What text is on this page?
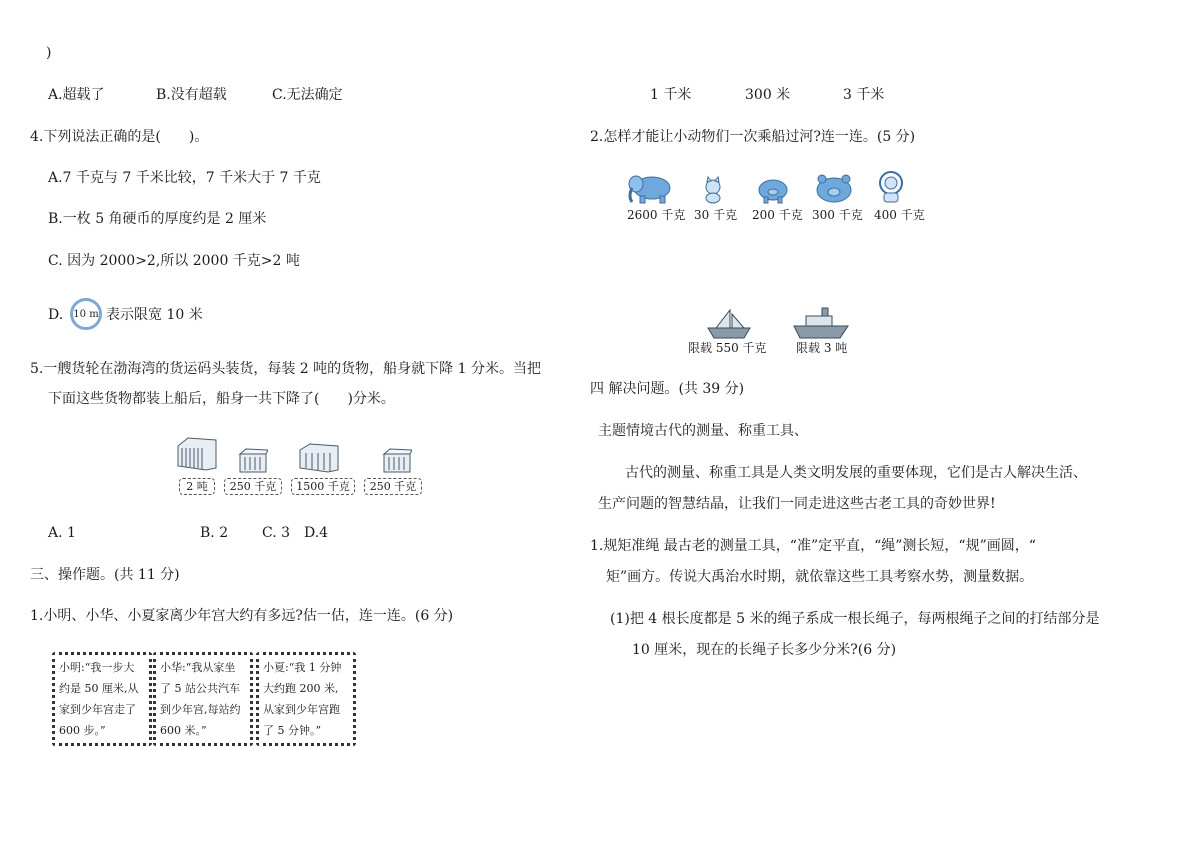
)
A.超载了	B.没有超载	C.无法确定
4.下列说法正确的是(　　)。
A.7 千克与 7 千米比较，7 千米大于 7 千克
B.一枚 5 角硬币的厚度约是 2 厘米
C. 因为 2000>2,所以 2000 千克>2 吨
D. 10 m 表示限宽 10 米
5.一艘货轮在渤海湾的货运码头装货，每装 2 吨的货物，船身就下降 1 分米。当把
下面这些货物都装上船后，船身一共下降了(　　)分米。
2 吨	250 千克	1500 千克	250 千克
A. 1	B. 2 C. 3 D.4
三、操作题。(共 11 分)
1.小明、小华、小夏家离少年宫大约有多远?估一估，连一连。(6 分)
小明:“我一步大约是 50 厘米,从家到少年宫走了 600 步。”
小华:“我从家坐了 5 站公共汽车到少年宫,每站约 600 米。”
小夏:“我 1 分钟大约跑 200 米,从家到少年宫跑了 5 分钟。”
1 千米	300 米	3 千米
2.怎样才能让小动物们一次乘船过河?连一连。(5 分)
2600 千克 30 千克 200 千克 300 千克 400 千克
限载 550 千克 限载 3 吨
四 解决问题。(共 39 分)
主题情境古代的测量、称重工具、
古代的测量、称重工具是人类文明发展的重要体现，它们是古人解决生活、
生产问题的智慧结晶，让我们一同走进这些古老工具的奇妙世界!
1.规矩准绳 最古老的测量工具，“准”定平直，“绳”测长短，“规”画圆，“
矩”画方。传说大禹治水时期，就依靠这些工具考察水势，测量数据。
(1)把 4 根长度都是 5 米的绳子系成一根长绳子，每两根绳子之间的打结部分是
10 厘米，现在的长绳子长多少分米?(6 分)
